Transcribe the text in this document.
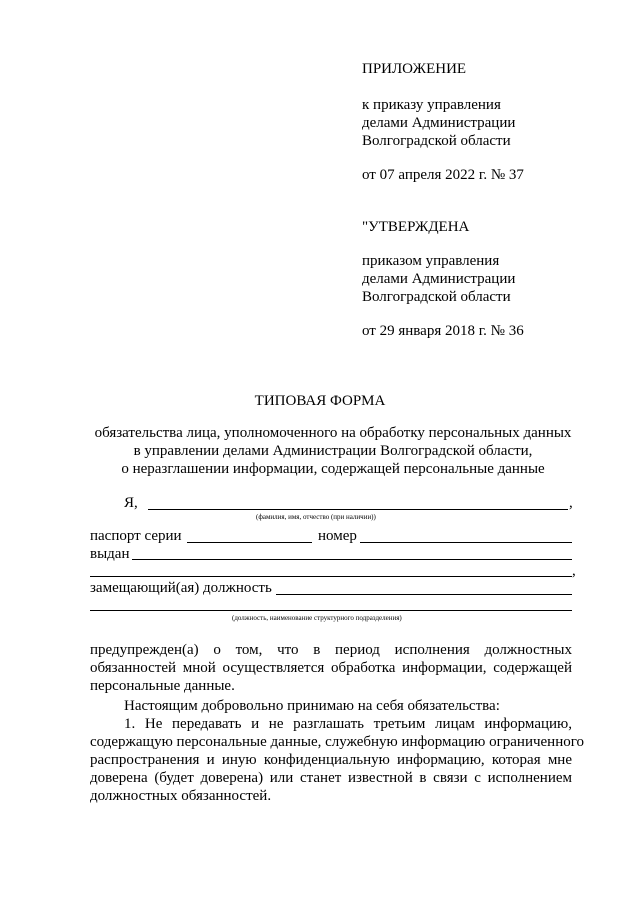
ПРИЛОЖЕНИЕ
к приказу управления
делами Администрации
Волгоградской области
от 07 апреля 2022 г. № 37
"УТВЕРЖДЕНА
приказом управления
делами Администрации
Волгоградской области
от 29 января 2018 г. № 36
ТИПОВАЯ ФОРМА
обязательства лица, уполномоченного на обработку персональных данных
в управлении делами Администрации Волгоградской области,
о неразглашении информации, содержащей персональные данные
Я,	,
(фамилия, имя, отчество (при наличии))
паспорт серии	номер
выдан
,
замещающий(ая) должность
(должность, наименование структурного подразделения)
предупрежден(а) о том, что в период исполнения должностных
обязанностей мной осуществляется обработка информации, содержащей
персональные данные.
Настоящим добровольно принимаю на себя обязательства:
1. Не передавать и не разглашать третьим лицам информацию,
содержащую персональные данные, служебную информацию ограниченного
распространения и иную конфиденциальную информацию, которая мне
доверена (будет доверена) или станет известной в связи с исполнением
должностных обязанностей.
